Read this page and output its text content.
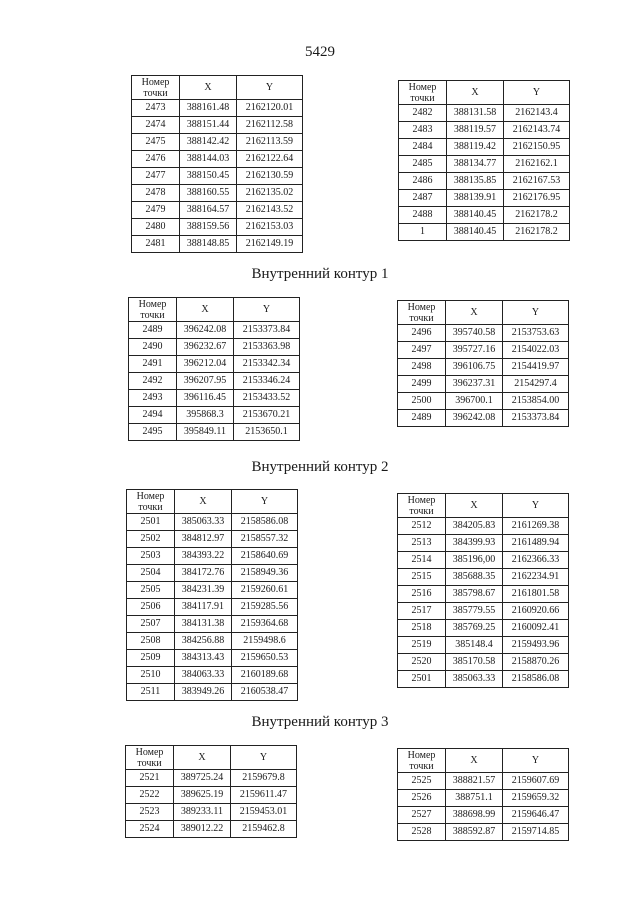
5429
Номер точки	X	Y
2473	388161.48	2162120.01
2474	388151.44	2162112.58
2475	388142.42	2162113.59
2476	388144.03	2162122.64
2477	388150.45	2162130.59
2478	388160.55	2162135.02
2479	388164.57	2162143.52
2480	388159.56	2162153.03
2481	388148.85	2162149.19
Номер точки	X	Y
2482	388131.58	2162143.4
2483	388119.57	2162143.74
2484	388119.42	2162150.95
2485	388134.77	2162162.1
2486	388135.85	2162167.53
2487	388139.91	2162176.95
2488	388140.45	2162178.2
1	388140.45	2162178.2
Внутренний контур 1
Номер точки	X	Y
2489	396242.08	2153373.84
2490	396232.67	2153363.98
2491	396212.04	2153342.34
2492	396207.95	2153346.24
2493	396116.45	2153433.52
2494	395868.3	2153670.21
2495	395849.11	2153650.1
Номер точки	X	Y
2496	395740.58	2153753.63
2497	395727.16	2154022.03
2498	396106.75	2154419.97
2499	396237.31	2154297.4
2500	396700.1	2153854.00
2489	396242.08	2153373.84
Внутренний контур 2
Номер точки	X	Y
2501	385063.33	2158586.08
2502	384812.97	2158557.32
2503	384393.22	2158640.69
2504	384172.76	2158949.36
2505	384231.39	2159260.61
2506	384117.91	2159285.56
2507	384131.38	2159364.68
2508	384256.88	2159498.6
2509	384313.43	2159650.53
2510	384063.33	2160189.68
2511	383949.26	2160538.47
Номер точки	X	Y
2512	384205.83	2161269.38
2513	384399.93	2161489.94
2514	385196,00	2162366.33
2515	385688.35	2162234.91
2516	385798.67	2161801.58
2517	385779.55	2160920.66
2518	385769.25	2160092.41
2519	385148.4	2159493.96
2520	385170.58	2158870.26
2501	385063.33	2158586.08
Внутренний контур 3
Номер точки	X	Y
2521	389725.24	2159679.8
2522	389625.19	2159611.47
2523	389233.11	2159453.01
2524	389012.22	2159462.8
Номер точки	X	Y
2525	388821.57	2159607.69
2526	388751.1	2159659.32
2527	388698.99	2159646.47
2528	388592.87	2159714.85
